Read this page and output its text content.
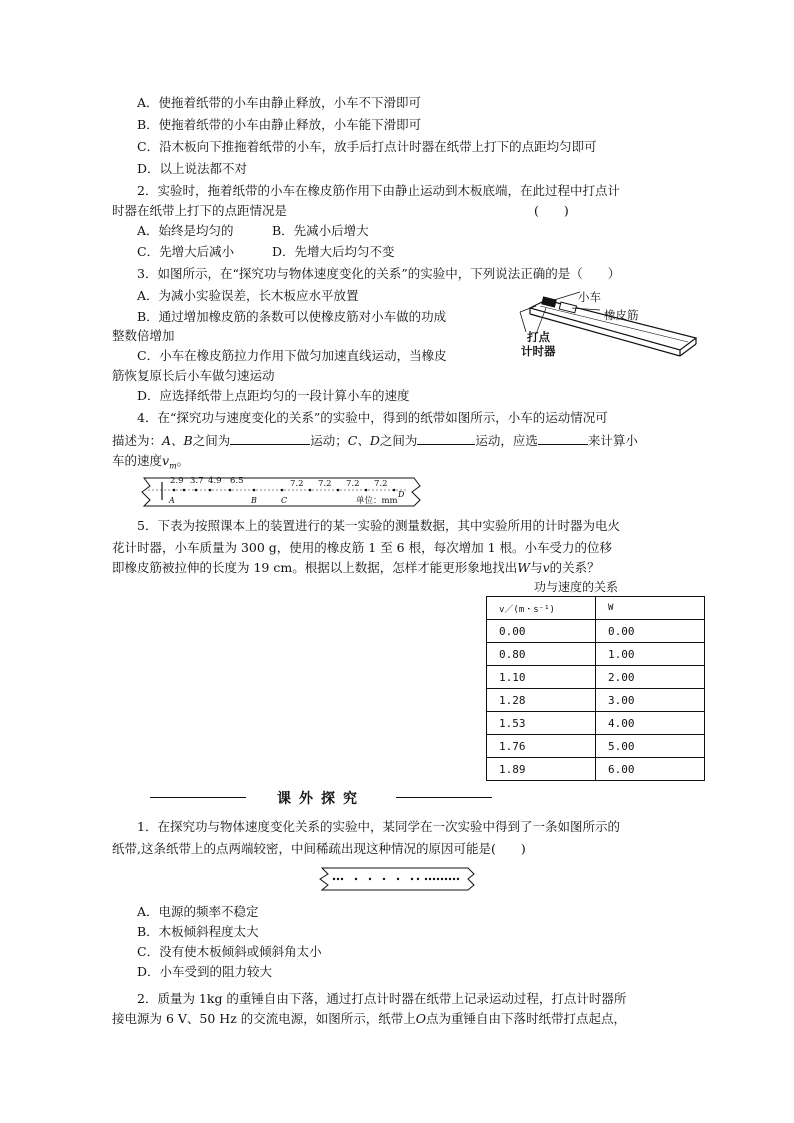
A．使拖着纸带的小车由静止释放，小车不下滑即可
B．使拖着纸带的小车由静止释放，小车能下滑即可
C．沿木板向下推拖着纸带的小车，放手后打点计时器在纸带上打下的点距均匀即可
D．以上说法都不对
2．实验时，拖着纸带的小车在橡皮筋作用下由静止运动到木板底端，在此过程中打点计
时器在纸带上打下的点距情况是	(　　)
A．始终是均匀的	B．先减小后增大
C．先增大后减小	D．先增大后均匀不变
3．如图所示，在“探究功与物体速度变化的关系”的实验中，下列说法正确的是（　　）
A．为减小实验误差，长木板应水平放置
B．通过增加橡皮筋的条数可以使橡皮筋对小车做的功成
整数倍增加
C．小车在橡皮筋拉力作用下做匀加速直线运动，当橡皮
筋恢复原长后小车做匀速运动
D．应选择纸带上点距均匀的一段计算小车的速度
小车
橡皮筋
打点
计时器
4．在“探究功与速度变化的关系”的实验中，得到的纸带如图所示，小车的运动情况可
描述为：A、B之间为	运动；C、D之间为	运动，应选	来计算小
车的速度$v_m$。
2.9 3.7 4.9 6.5	7.2 7.2 7.2 7.2
A	B	C
D
单位：mm
5．下表为按照课本上的装置进行的某一实验的测量数据，其中实验所用的计时器为电火
花计时器，小车质量为 300 g，使用的橡皮筋 1 至 6 根，每次增加 1 根。小车受力的位移
即橡皮筋被拉伸的长度为 19 cm。根据以上数据，怎样才能更形象地找出W与v的关系？
功与速度的关系
v／(m・s⁻¹)	W
0.00	0.00
0.80	1.00
1.10	2.00
1.28	3.00
1.53	4.00
1.76	5.00
1.89	6.00
课外探究
1．在探究功与物体速度变化关系的实验中，某同学在一次实验中得到了一条如图所示的
纸带,这条纸带上的点两端较密，中间稀疏出现这种情况的原因可能是(　　)
A．电源的频率不稳定
B．木板倾斜程度太大
C．没有使木板倾斜或倾斜角太小
D．小车受到的阻力较大
2．质量为 1kg 的重锤自由下落，通过打点计时器在纸带上记录运动过程，打点计时器所
接电源为 6 V、50 Hz 的交流电源，如图所示，纸带上O点为重锤自由下落时纸带打点起点，
